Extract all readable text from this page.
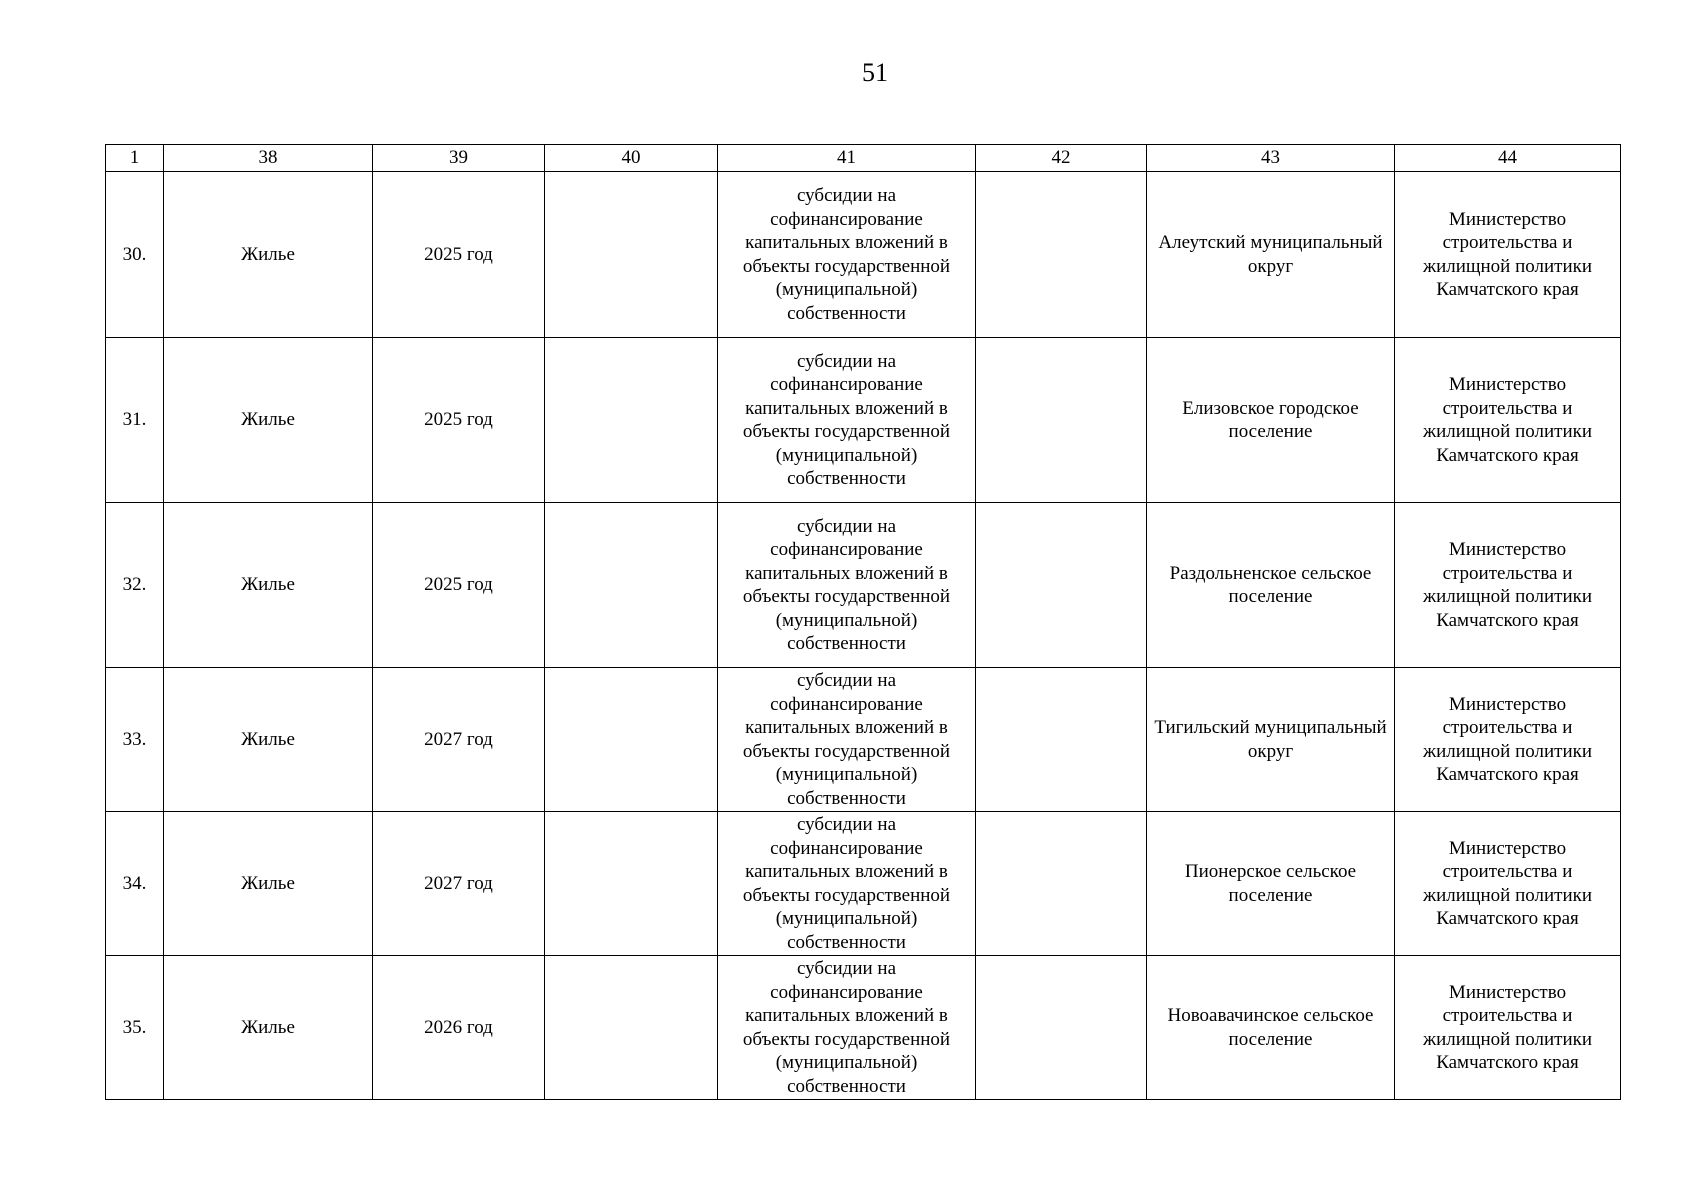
51
1	38	39	40	41	42	43	44
30.	Жилье	2025 год		субсидии на софинансирование капитальных вложений в объекты государственной (муниципальной) собственности		Алеутский муниципальный округ	Министерство строительства и жилищной политики Камчатского края
31.	Жилье	2025 год		субсидии на софинансирование капитальных вложений в объекты государственной (муниципальной) собственности		Елизовское городское поселение	Министерство строительства и жилищной политики Камчатского края
32.	Жилье	2025 год		субсидии на софинансирование капитальных вложений в объекты государственной (муниципальной) собственности		Раздольненское сельское поселение	Министерство строительства и жилищной политики Камчатского края
33.	Жилье	2027 год		субсидии на софинансирование капитальных вложений в объекты государственной (муниципальной) собственности		Тигильский муниципальный округ	Министерство строительства и жилищной политики Камчатского края
34.	Жилье	2027 год		субсидии на софинансирование капитальных вложений в объекты государственной (муниципальной) собственности		Пионерское сельское поселение	Министерство строительства и жилищной политики Камчатского края
35.	Жилье	2026 год		субсидии на софинансирование капитальных вложений в объекты государственной (муниципальной) собственности		Новоавачинское сельское поселение	Министерство строительства и жилищной политики Камчатского края
